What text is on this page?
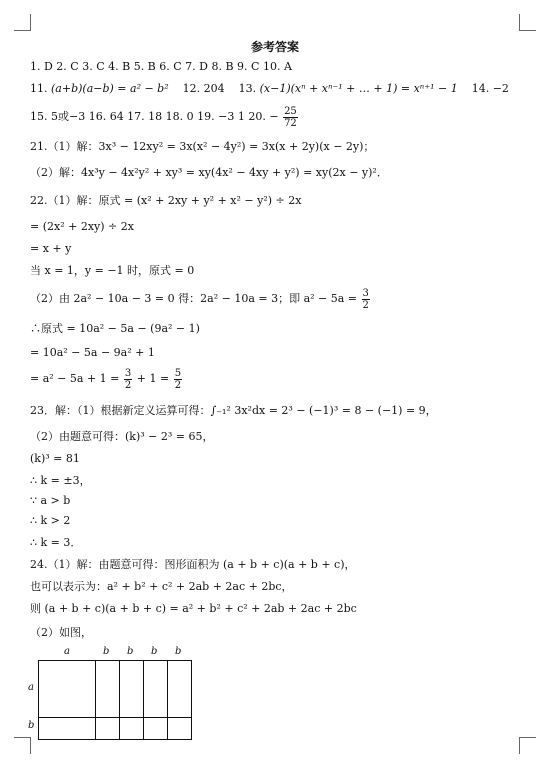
参考答案
1. D 2. C 3. C 4. B 5. B 6. C 7. D 8. B 9. C 10. A
11. (a+b)(a−b) = a² − b² 12. 204 13. (x−1)(xⁿ + xⁿ⁻¹ + … + 1) = xⁿ⁺¹ − 1 14. −2
15. 5或−3 16. 64 17. 18 18. 0 19. −3 1 20. − $\frac{25}{72}$
21.（1）解：3x³ − 12xy² = 3x(x² − 4y²) = 3x(x + 2y)(x − 2y)；
（2）解：4x³y − 4x²y² + xy³ = xy(4x² − 4xy + y²) = xy(2x − y)²．
22.（1）解：原式 = (x² + 2xy + y² + x² − y²) ÷ 2x
= (2x² + 2xy) ÷ 2x
= x + y
当 x = 1，y = −1 时，原式 = 0
（2）由 2a² − 10a − 3 = 0 得：2a² − 10a = 3；即 $a^2 - 5a = \frac{3}{2}$
∴原式 = 10a² − 5a − (9a² − 1)
= 10a² − 5a − 9a² + 1
= $a^2 - 5a + 1 = \frac{3}{2} + 1 = \frac{5}{2}$
23．解：（1）根据新定义运算可得：∫₋₁² 3x²dx = 2³ − (−1)³ = 8 − (−1) = 9，
（2）由题意可得：(k)³ − 2³ = 65，
(k)³ = 81
∴ k = ±3，
∵ a > b
∴ k > 2
∴ k = 3．
24.（1）解：由题意可得：图形面积为 (a + b + c)(a + b + c)，
也可以表示为：a² + b² + c² + 2ab + 2ac + 2bc，
则 (a + b + c)(a + b + c) = a² + b² + c² + 2ab + 2ac + 2bc
（2）如图，
a	b b b b
a
b
